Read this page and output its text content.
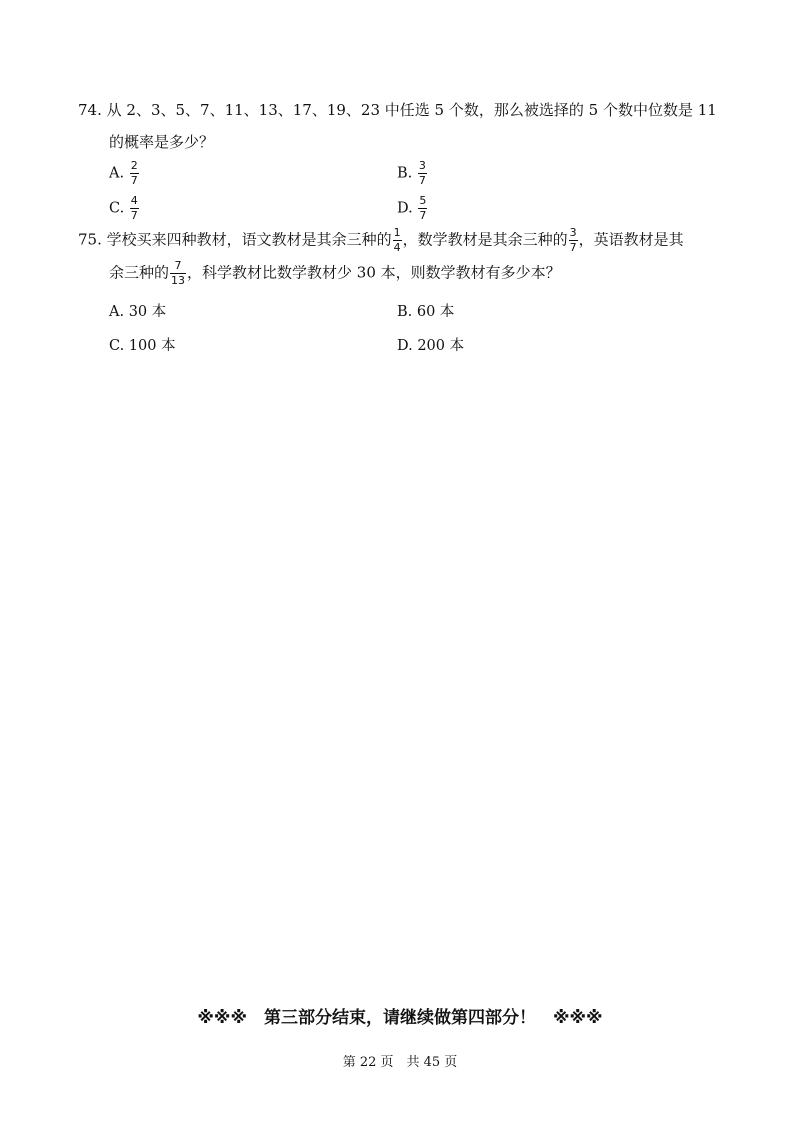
74. 从 2、3、5、7、11、13、17、19、23 中任选 5 个数，那么被选择的 5 个数中位数是 11
的概率是多少？
A. $\frac{2}{7}$	B. $\frac{3}{7}$
C. $\frac{4}{7}$	D. $\frac{5}{7}$
75. 学校买来四种教材，语文教材是其余三种的 $\frac{1}{4}$ ，数学教材是其余三种的 $\frac{3}{7}$ ，英语教材是其
余三种的 $\frac{7}{13}$ ，科学教材比数学教材少 30 本，则数学教材有多少本？
A. 30 本	B. 60 本
C. 100 本	D. 200 本
※※※　第三部分结束，请继续做第四部分！　※※※
第 22 页　共 45 页
